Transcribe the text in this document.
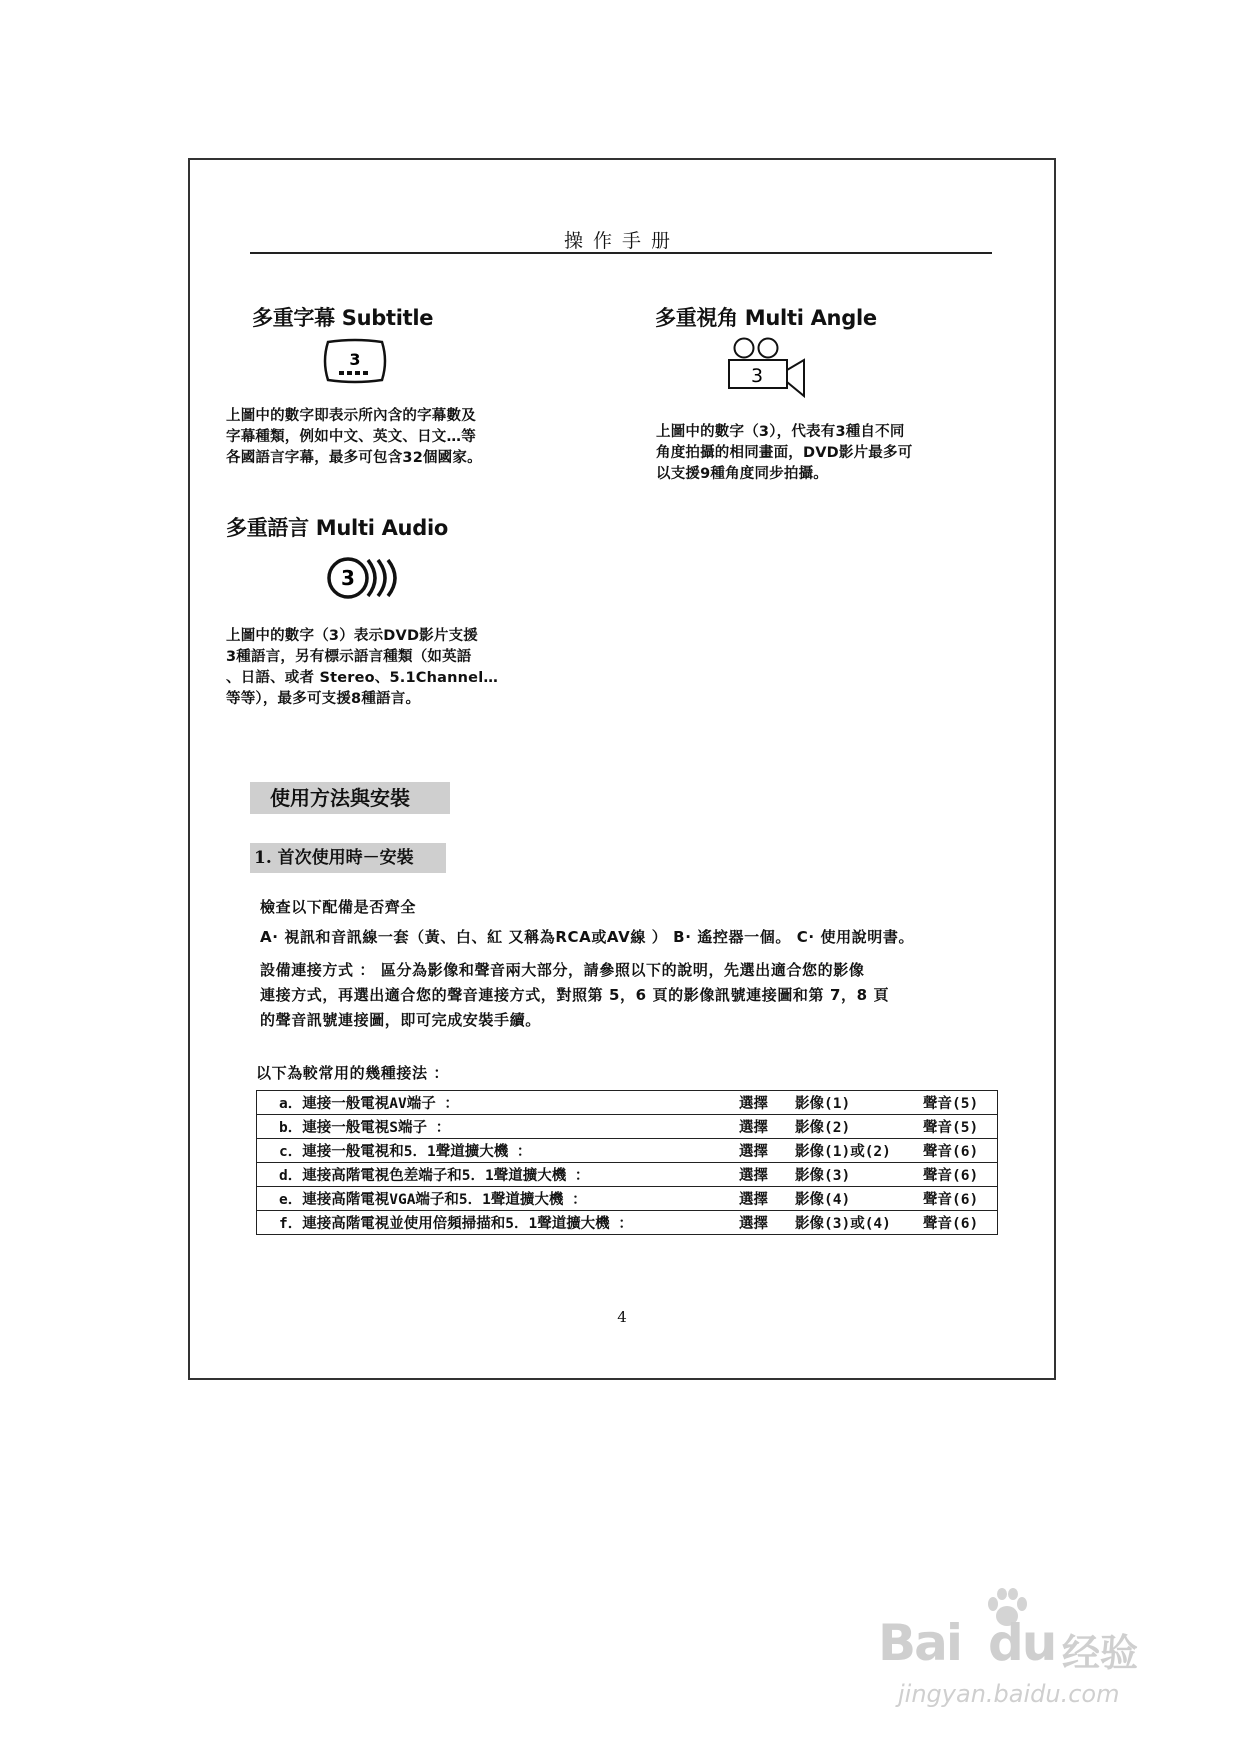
操作手册
多重字幕 Subtitle
3
上圖中的數字即表示所內含的字幕數及
字幕種類，例如中文、英文、日文…等
各國語言字幕，最多可包含32個國家。
多重視角 Multi Angle
3
上圖中的數字（3），代表有3種自不同
角度拍攝的相同畫面，DVD影片最多可
以支援9種角度同步拍攝。
多重語言 Multi Audio
3
上圖中的數字（3）表示DVD影片支援
3種語言，另有標示語言種類（如英語
、日語、或者 Stereo、5.1Channel…
等等），最多可支援8種語言。
使用方法與安裝
1. 首次使用時－安裝
檢查以下配備是否齊全
A· 視訊和音訊線一套（黃、白、紅 又稱為RCA或AV線 ） B· 遙控器一個。 C· 使用說明書。
設備連接方式 ： 區分為影像和聲音兩大部分，請參照以下的說明，先選出適合您的影像
連接方式，再選出適合您的聲音連接方式，對照第 5，6 頁的影像訊號連接圖和第 7，8 頁
的聲音訊號連接圖，即可完成安裝手續。
以下為較常用的幾種接法 ：
a．連接一般電視AV端子 ：	選擇	影像(1)	聲音(5)
b．連接一般電視S端子 ：	選擇	影像(2)	聲音(5)
c．連接一般電視和5．1聲道擴大機 ：	選擇	影像(1)或(2)	聲音(6)
d．連接高階電視色差端子和5．1聲道擴大機 ：	選擇	影像(3)	聲音(6)
e．連接高階電視VGA端子和5．1聲道擴大機 ：	選擇	影像(4)	聲音(6)
f．連接高階電視並使用倍頻掃描和5．1聲道擴大機 ：	選擇	影像(3)或(4)	聲音(6)
4
Bai du 经验
jingyan.baidu.com
